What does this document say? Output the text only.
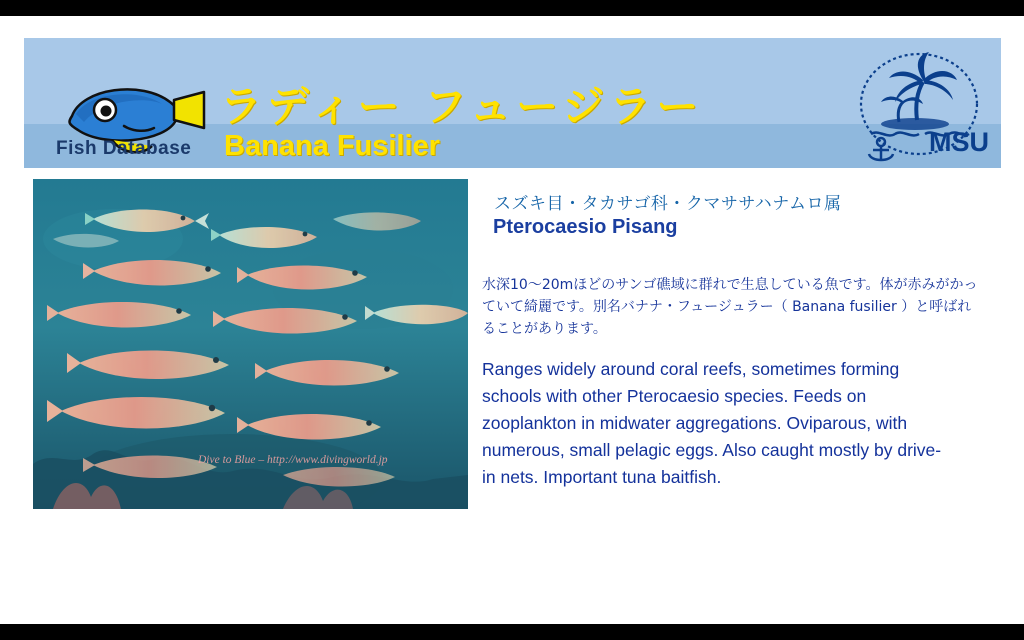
Fish Database
ラディー フュージラー
Banana Fusilier	MSU
Dive to Blue – http://www.divingworld.jp
スズキ目・タカサゴ科・クマササハナムロ属
Pterocaesio Pisang
水深10〜20mほどのサンゴ礁域に群れで生息している魚です。体が赤みがかっていて綺麗です。別名バナナ・フュージュラー（ Banana fusilier ）と呼ばれることがあります。
Ranges widely around coral reefs, sometimes forming schools with other Pterocaesio species. Feeds on zooplankton in midwater aggregations. Oviparous, with numerous, small pelagic eggs. Also caught mostly by drive-in nets. Important tuna baitfish.
